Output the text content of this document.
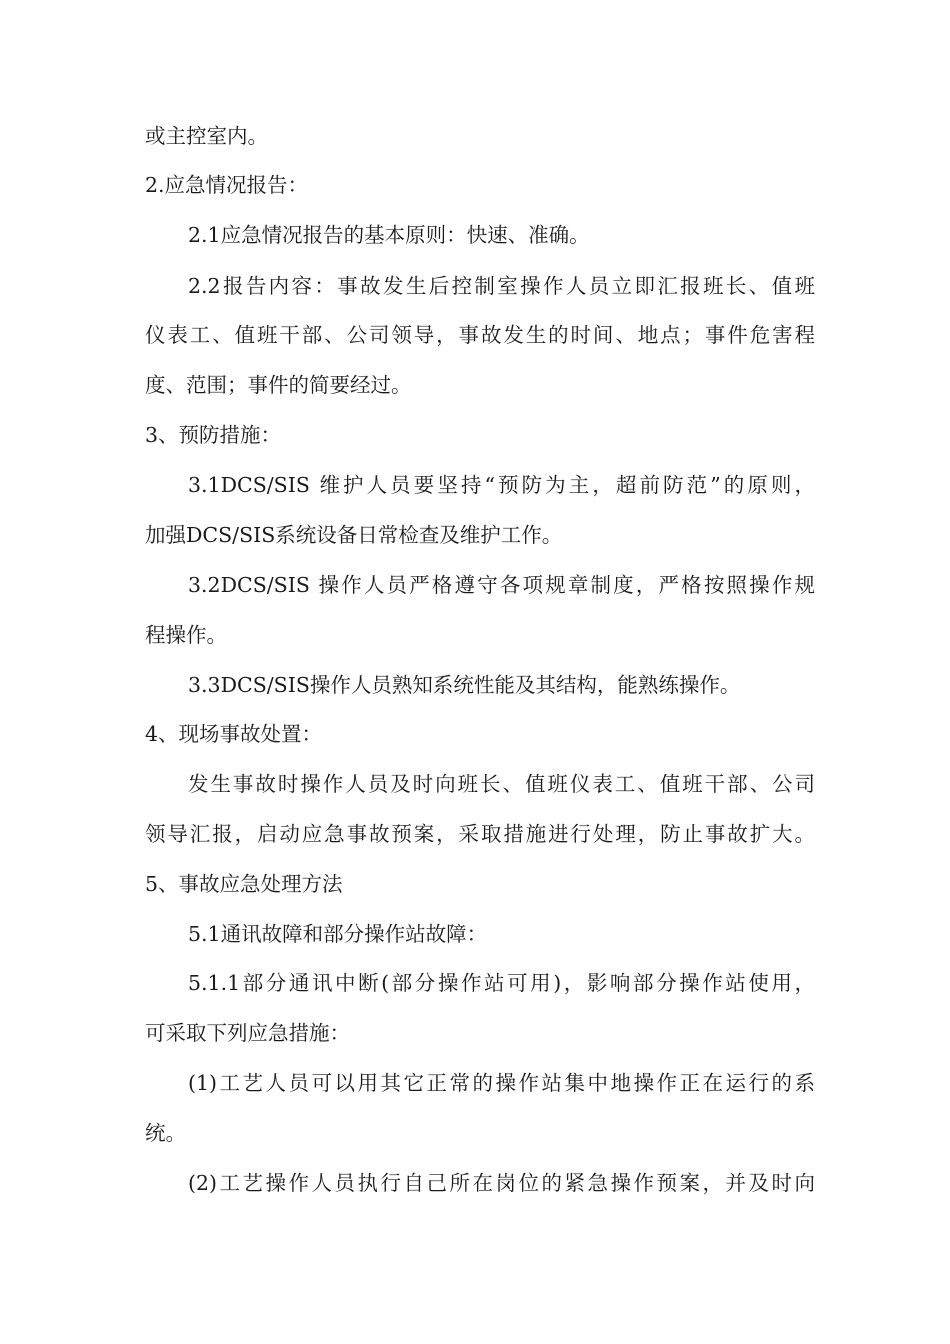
或主控室内。
2.应急情况报告：
2.1应急情况报告的基本原则：快速、准确。
2.2报告内容：事故发生后控制室操作人员立即汇报班长、值班
仪表工、值班干部、公司领导，事故发生的时间、地点；事件危害程
度、范围；事件的简要经过。
3、预防措施：
3.1DCS/SIS 维护人员要坚持“预防为主，超前防范”的原则，
加强DCS/SIS系统设备日常检查及维护工作。
3.2DCS/SIS 操作人员严格遵守各项规章制度，严格按照操作规
程操作。
3.3DCS/SIS操作人员熟知系统性能及其结构，能熟练操作。
4、现场事故处置：
发生事故时操作人员及时向班长、值班仪表工、值班干部、公司
领导汇报，启动应急事故预案，采取措施进行处理，防止事故扩大。
5、事故应急处理方法
5.1通讯故障和部分操作站故障：
5.1.1部分通讯中断(部分操作站可用)，影响部分操作站使用，
可采取下列应急措施：
(1)工艺人员可以用其它正常的操作站集中地操作正在运行的系
统。
(2)工艺操作人员执行自己所在岗位的紧急操作预案，并及时向
